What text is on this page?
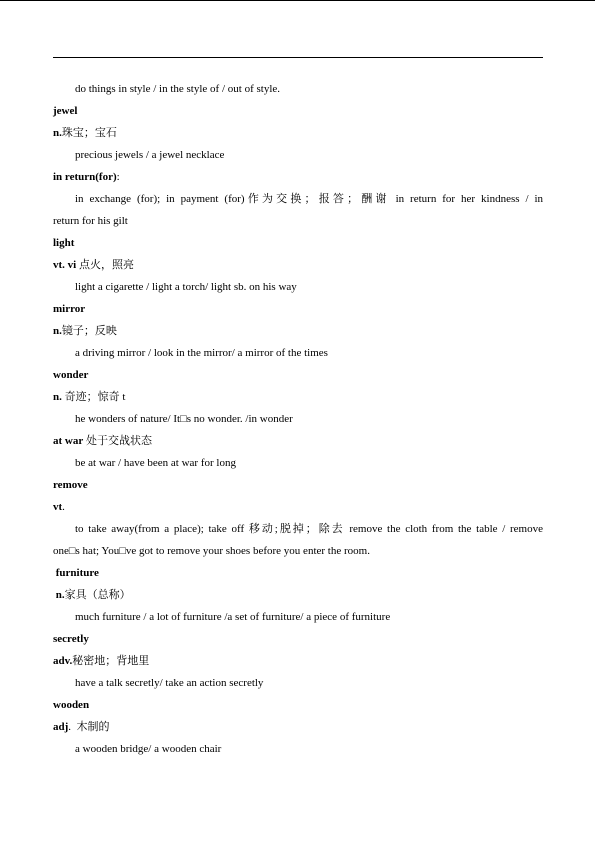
do things in style / in the style of / out of style.
jewel
n.珠宝；宝石
precious jewels / a jewel necklace
in return(for):
in exchange (for); in payment (for)作为交换；报答；酬谢 in return for her kindness / in
return for his gilt
light
vt. vi 点火，照亮
light a cigarette / light a torch/ light sb. on his way
mirror
n.镜子；反映
a driving mirror / look in the mirror/ a mirror of the times
wonder
n. 奇迹；惊奇 t
he wonders of nature/ It□s no wonder. /in wonder
at war 处于交战状态
be at war / have been at war for long
remove
vt.
to take away(from a place); take off 移动;脱掉；除去 remove the cloth from the table / remove
one□s hat; You□ve got to remove your shoes before you enter the room.
furniture
n.家具（总称）
much furniture / a lot of furniture /a set of furniture/ a piece of furniture
secretly
adv.秘密地；背地里
have a talk secretly/ take an action secretly
wooden
adj.  木制的
a wooden bridge/ a wooden chair
